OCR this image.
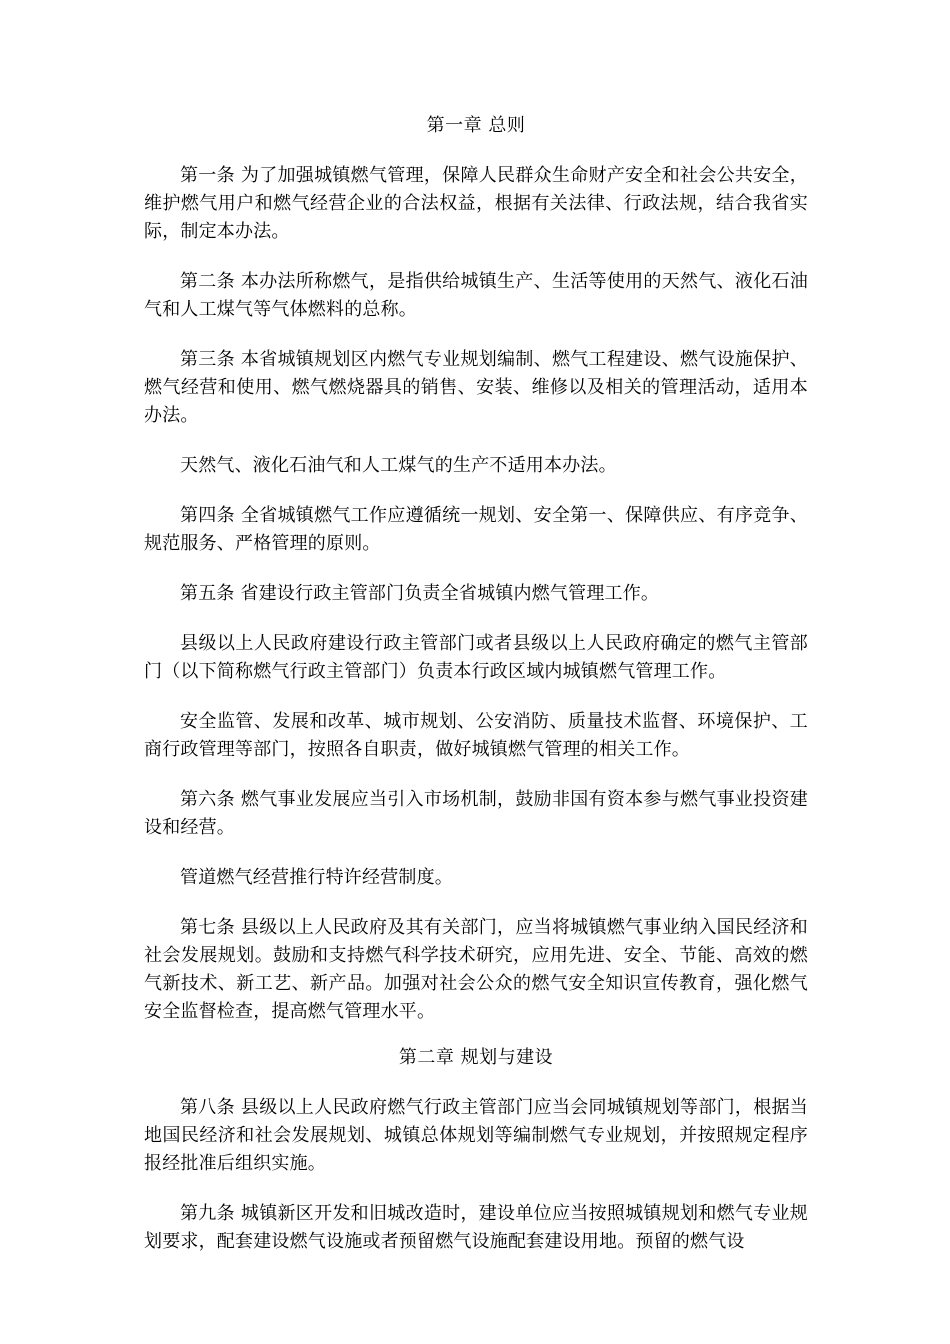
第一章 总则

第一条 为了加强城镇燃气管理，保障人民群众生命财产安全和社会公共安全，维护燃气用户和燃气经营企业的合法权益，根据有关法律、行政法规，结合我省实际，制定本办法。

第二条 本办法所称燃气，是指供给城镇生产、生活等使用的天然气、液化石油气和人工煤气等气体燃料的总称。

第三条 本省城镇规划区内燃气专业规划编制、燃气工程建设、燃气设施保护、燃气经营和使用、燃气燃烧器具的销售、安装、维修以及相关的管理活动，适用本办法。

天然气、液化石油气和人工煤气的生产不适用本办法。

第四条 全省城镇燃气工作应遵循统一规划、安全第一、保障供应、有序竞争、规范服务、严格管理的原则。

第五条 省建设行政主管部门负责全省城镇内燃气管理工作。

县级以上人民政府建设行政主管部门或者县级以上人民政府确定的燃气主管部门（以下简称燃气行政主管部门）负责本行政区域内城镇燃气管理工作。

安全监管、发展和改革、城市规划、公安消防、质量技术监督、环境保护、工商行政管理等部门，按照各自职责，做好城镇燃气管理的相关工作。

第六条 燃气事业发展应当引入市场机制，鼓励非国有资本参与燃气事业投资建设和经营。

管道燃气经营推行特许经营制度。

第七条 县级以上人民政府及其有关部门，应当将城镇燃气事业纳入国民经济和社会发展规划。鼓励和支持燃气科学技术研究，应用先进、安全、节能、高效的燃气新技术、新工艺、新产品。加强对社会公众的燃气安全知识宣传教育，强化燃气安全监督检查，提高燃气管理水平。

第二章 规划与建设

第八条 县级以上人民政府燃气行政主管部门应当会同城镇规划等部门，根据当地国民经济和社会发展规划、城镇总体规划等编制燃气专业规划，并按照规定程序报经批准后组织实施。

第九条 城镇新区开发和旧城改造时，建设单位应当按照城镇规划和燃气专业规划要求，配套建设燃气设施或者预留燃气设施配套建设用地。预留的燃气设
